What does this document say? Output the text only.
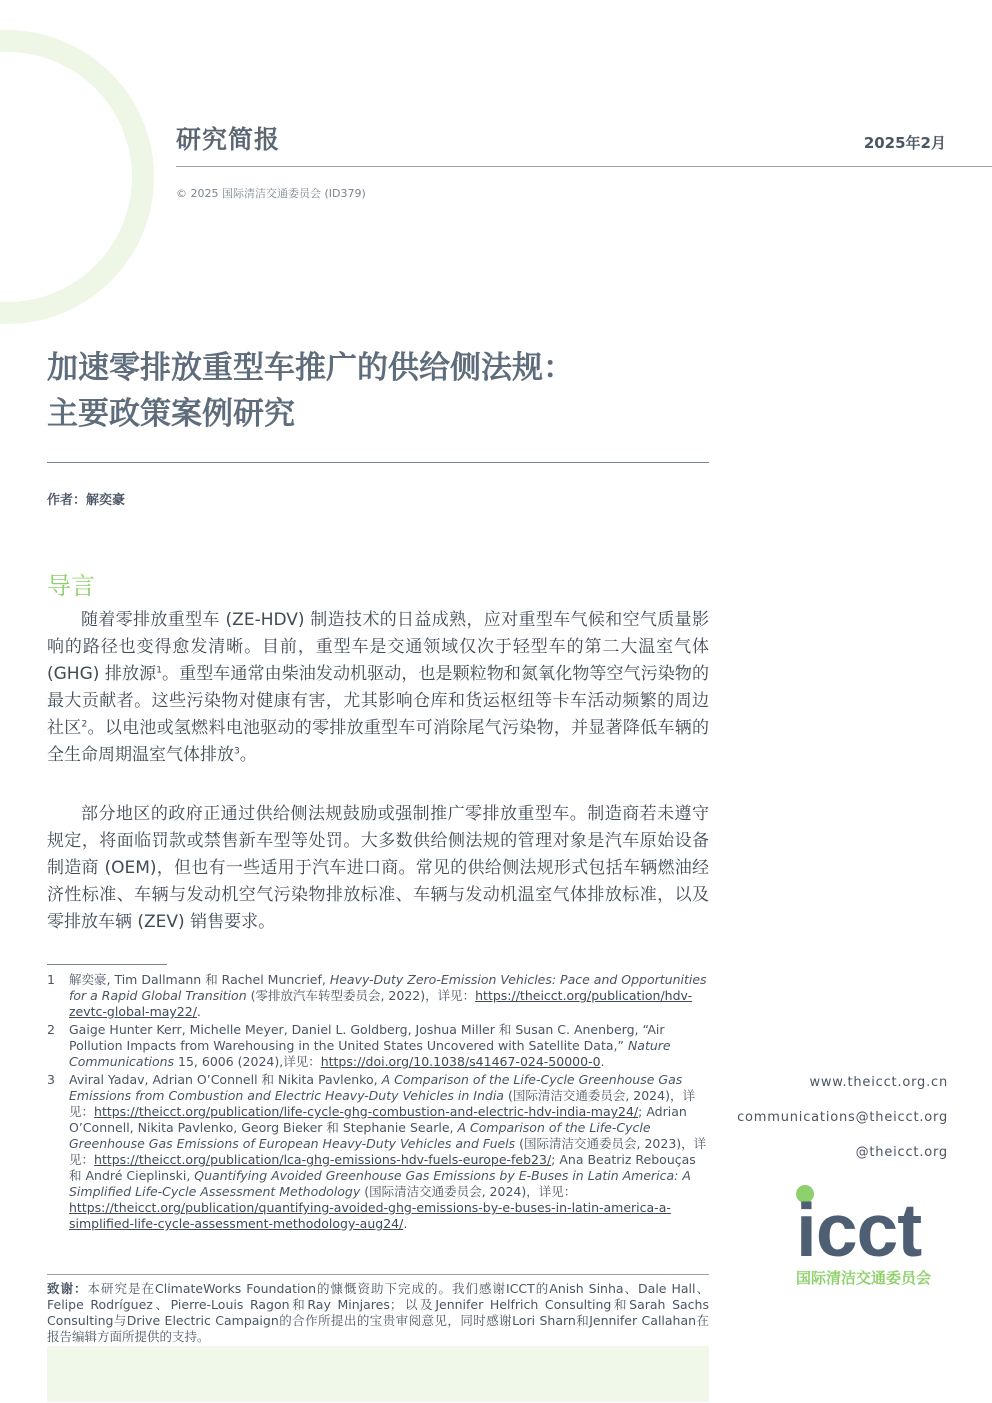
研究简报	2025年2月
© 2025 国际清洁交通委员会 (ID379)
加速零排放重型车推广的供给侧法规：
主要政策案例研究
作者：解奕豪
导言

随着零排放重型车 (ZE-HDV) 制造技术的日益成熟，应对重型车气候和空气质量影响的路径也变得愈发清晰。目前，重型车是交通领域仅次于轻型车的第二大温室气体 (GHG) 排放源$^1$。重型车通常由柴油发动机驱动，也是颗粒物和氮氧化物等空气污染物的最大贡献者。这些污染物对健康有害，尤其影响仓库和货运枢纽等卡车活动频繁的周边社区$^2$。以电池或氢燃料电池驱动的零排放重型车可消除尾气污染物，并显著降低车辆的全生命周期温室气体排放$^3$。

部分地区的政府正通过供给侧法规鼓励或强制推广零排放重型车。制造商若未遵守规定，将面临罚款或禁售新车型等处罚。大多数供给侧法规的管理对象是汽车原始设备制造商 (OEM)，但也有一些适用于汽车进口商。常见的供给侧法规形式包括车辆燃油经济性标准、车辆与发动机空气污染物排放标准、车辆与发动机温室气体排放标准，以及零排放车辆 (ZEV) 销售要求。

1	解奕豪, Tim Dallmann 和 Rachel Muncrief, Heavy-Duty Zero-Emission Vehicles: Pace and Opportunities for a Rapid Global Transition (零排放汽车转型委员会, 2022)，详见：https://theicct.org/publication/hdv-zevtc-global-may22/.
2	Gaige Hunter Kerr, Michelle Meyer, Daniel L. Goldberg, Joshua Miller 和 Susan C. Anenberg, “Air Pollution Impacts from Warehousing in the United States Uncovered with Satellite Data,” Nature Communications 15, 6006 (2024),详见：https://doi.org/10.1038/s41467-024-50000-0.
3	Aviral Yadav, Adrian O’Connell 和 Nikita Pavlenko, A Comparison of the Life-Cycle Greenhouse Gas Emissions from Combustion and Electric Heavy-Duty Vehicles in India (国际清洁交通委员会, 2024)，详见：https://theicct.org/publication/life-cycle-ghg-combustion-and-electric-hdv-india-may24/; Adrian O’Connell, Nikita Pavlenko, Georg Bieker 和 Stephanie Searle, A Comparison of the Life-Cycle Greenhouse Gas Emissions of European Heavy-Duty Vehicles and Fuels (国际清洁交通委员会, 2023)，详见：https://theicct.org/publication/lca-ghg-emissions-hdv-fuels-europe-feb23/; Ana Beatriz Rebouças 和 André Cieplinski, Quantifying Avoided Greenhouse Gas Emissions by E-Buses in Latin America: A Simplified Life-Cycle Assessment Methodology (国际清洁交通委员会, 2024)，详见：https://theicct.org/publication/quantifying-avoided-ghg-emissions-by-e-buses-in-latin-america-a-simplified-life-cycle-assessment-methodology-aug24/.
致谢：本研究是在ClimateWorks Foundation的慷慨资助下完成的。我们感谢ICCT的Anish Sinha、Dale Hall、Felipe Rodríguez、Pierre-Louis Ragon和Ray Minjares；以及Jennifer Helfrich Consulting和Sarah Sachs Consulting与Drive Electric Campaign的合作所提出的宝贵审阅意见，同时感谢Lori Sharn和Jennifer Callahan在报告编辑方面所提供的支持。
www.theicct.org.cn
communications@theicct.org
@theicct.org
icct
国际清洁交通委员会
